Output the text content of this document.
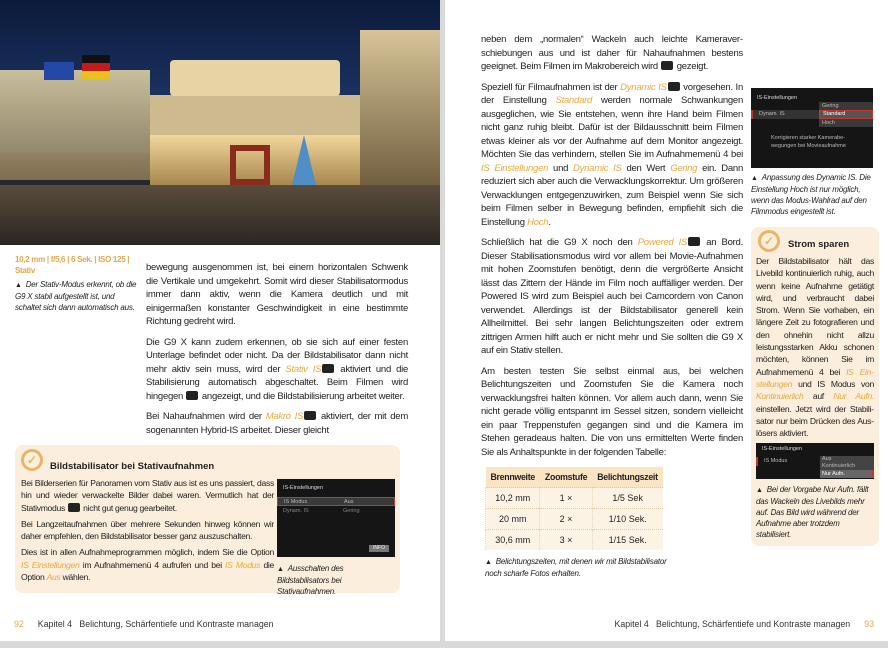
10,2 mm | f/5,6 | 6 Sek. | ISO 125 | Stativ
▲ Der Stativ-Modus erkennt, ob die G9 X stabil aufgestellt ist, und schaltet sich dann automatisch aus.

bewegung ausgenommen ist, bei einem horizontalen Schwenk die Vertikale und umgekehrt. Somit wird dieser Stabilisatormodus immer dann aktiv, wenn die Kamera deutlich und mit einigermaßen konstanter Geschwindigkeit in eine bestimmte Richtung gedreht wird.

Die G9 X kann zudem erkennen, ob sie sich auf einer festen Unterlage befindet oder nicht. Da der Bildstabilisator dann nicht mehr aktiv sein muss, wird der Stativ IS aktiviert und die Stabilisierung automatisch abgeschaltet. Beim Filmen wird hingegen  angezeigt, und die Bildstabilisierung arbeitet weiter.

Bei Nahaufnahmen wird der Makro IS aktiviert, der mit dem sogenannten Hybrid-IS arbeitet. Dieser gleicht

✓	Bildstabilisator bei Stativaufnahmen

Bei Bilderserien für Panoramen vom Stativ aus ist es uns passiert, dass hin und wieder verwackelte Bilder dabei waren. Vermutlich hat der Stativmodus  nicht gut genug gearbeitet.

Bei Langzeitaufnahmen über mehrere Sekunden hinweg können wir daher empfehlen, den Bildstabilisator besser ganz auszuschalten.

Dies ist in allen Aufnahmeprogrammen möglich, indem Sie die Option IS Einstellungen im Aufnahmemenü 4 aufrufen und bei IS Modus die Option Aus wählen.

IS-Einstellungen
IS Modus	Aus
Dynam. IS	Gering
INFO
▲ Ausschalten des Bildstabilisators bei Stativaufnahmen.
92 Kapitel 4   Belichtung, Schärfentiefe und Kontraste managen

neben dem „normalen“ Wackeln auch leichte Kameraverschiebungen aus und ist daher für Nahaufnahmen bestens geeignet. Beim Filmen im Makrobereich wird  gezeigt.

Speziell für Filmaufnahmen ist der Dynamic IS vorgesehen. In der Einstellung Standard werden normale Schwankungen ausgeglichen, wie Sie entstehen, wenn ihre Hand beim Filmen nicht ganz ruhig bleibt. Dafür ist der Bildausschnitt beim Filmen etwas kleiner als vor der Aufnahme auf dem Monitor angezeigt. Möchten Sie das verhindern, stellen Sie im Aufnahmemenü 4 bei IS Einstellungen und Dynamic IS den Wert Gering ein. Dann reduziert sich aber auch die Verwacklungskorrektur. Um größeren Verwacklungen entgegenzuwirken, zum Beispiel wenn Sie sich beim Filmen selber in Bewegung befinden, empfiehlt sich die Einstellung Hoch.

Schließlich hat die G9 X noch den Powered IS an Bord. Dieser Stabilisationsmodus wird vor allem bei Movie-Aufnahmen mit hohen Zoomstufen benötigt, denn die vergrößerte Ansicht lässt das Zittern der Hände im Film noch auffälliger werden. Der Powered IS wird zum Beispiel auch bei Camcordern von Canon verwendet. Allerdings ist der Bildstabilisator generell kein Allheilmittel. Bei sehr langen Belichtungszeiten oder extrem zittrigen Armen hilft auch er nicht mehr und Sie sollten die G9 X auf ein Stativ stellen.

Am besten testen Sie selbst einmal aus, bei welchen Belichtungszeiten und Zoomstufen Sie die Kamera noch verwacklungsfrei halten können. Vor allem auch dann, wenn Sie nicht gerade völlig entspannt im Sessel sitzen, sondern vielleicht ein paar Treppenstufen gegangen sind und die Kamera im Stehen geradeaus halten. Die von uns ermittelten Werte finden Sie als Anhaltspunkte in der folgenden Tabelle:

Brennweite	Zoomstufe	Belichtungszeit
10,2 mm	1 ×	1/5 Sek
20 mm	2 ×	1/10 Sek.
30,6 mm	3 ×	1/15 Sek.
▲ Belichtungszeiten, mit denen wir mit Bildstabilisator noch scharfe Fotos erhalten.
IS-Einstellungen
Dynam. IS
Gering
Standard
Hoch
Korrigieren starker Kamerabe-wegungen bei Movieaufnahme
▲ Anpassung des Dynamic IS. Die Einstellung Hoch ist nur möglich, wenn das Modus-Wahlrad auf den Filmmodus eingestellt ist.
✓	Strom sparen

Der Bildstabilisator hält das Livebild kontinuierlich ruhig, auch wenn keine Aufnahme getätigt wird, und verbraucht dabei Strom. Wenn Sie vorhaben, ein längere Zeit zu fotografieren und den ohnehin nicht allzu leistungsstarken Akku schonen möchten, können Sie im Aufnahmemenü 4 bei IS Einstellungen und IS Modus von Kontinuierlich auf Nur Aufn. einstellen. Jetzt wird der Stabilisator nur beim Drücken des Auslösers aktiviert.

IS-Einstellungen
IS Modus	Aus
Kontinuierlich
Nur Aufn.
▲ Bei der Vorgabe Nur Aufn. fällt das Wackeln des Livebilds mehr auf. Das Bild wird während der Aufnahme aber trotzdem stabilisiert.
Kapitel 4   Belichtung, Schärfentiefe und Kontraste managen 93
